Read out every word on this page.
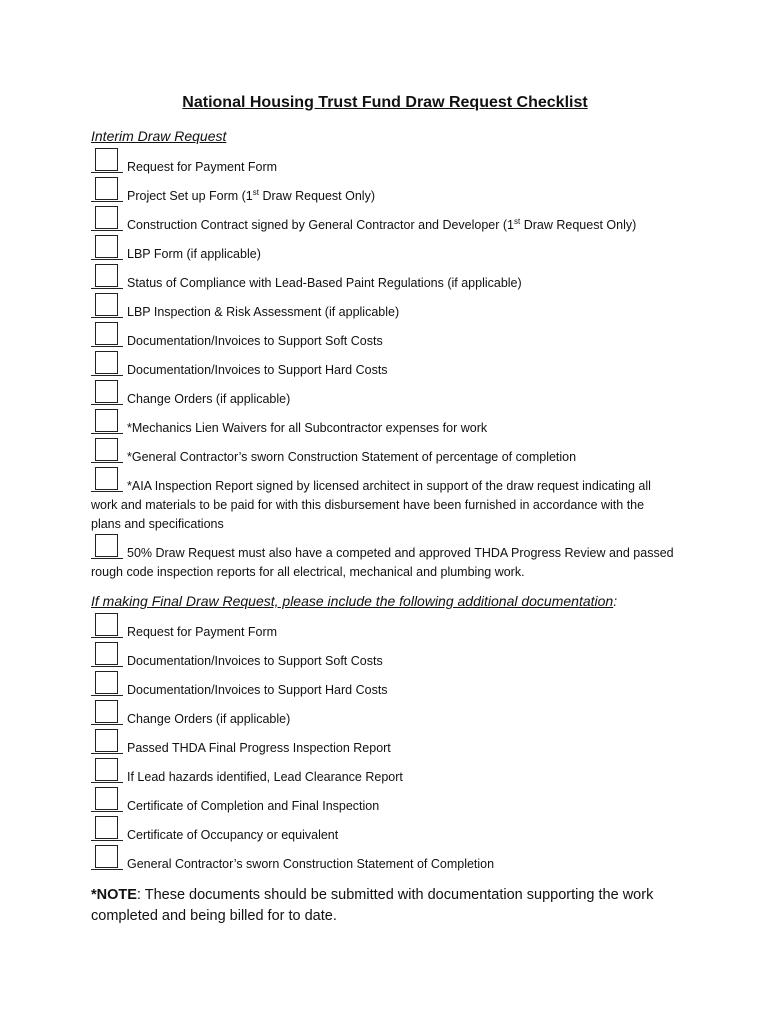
National Housing Trust Fund Draw Request Checklist
Interim Draw Request
Request for Payment Form
Project Set up Form (1st Draw Request Only)
Construction Contract signed by General Contractor and Developer (1st Draw Request Only)
LBP Form (if applicable)
Status of Compliance with Lead-Based Paint Regulations (if applicable)
LBP Inspection & Risk Assessment (if applicable)
Documentation/Invoices to Support Soft Costs
Documentation/Invoices to Support Hard Costs
Change Orders (if applicable)
*Mechanics Lien Waivers for all Subcontractor expenses for work
*General Contractor’s sworn Construction Statement of percentage of completion
*AIA Inspection Report signed by licensed architect in support of the draw request indicating all work and materials to be paid for with this disbursement have been furnished in accordance with the plans and specifications
50% Draw Request must also have a competed and approved THDA Progress Review and passed rough code inspection reports for all electrical, mechanical and plumbing work.
If making Final Draw Request, please include the following additional documentation:
Request for Payment Form
Documentation/Invoices to Support Soft Costs
Documentation/Invoices to Support Hard Costs
Change Orders (if applicable)
Passed THDA Final Progress Inspection Report
If Lead hazards identified, Lead Clearance Report
Certificate of Completion and Final Inspection
Certificate of Occupancy or equivalent
General Contractor’s sworn Construction Statement of Completion
*NOTE: These documents should be submitted with documentation supporting the work completed and being billed for to date.
